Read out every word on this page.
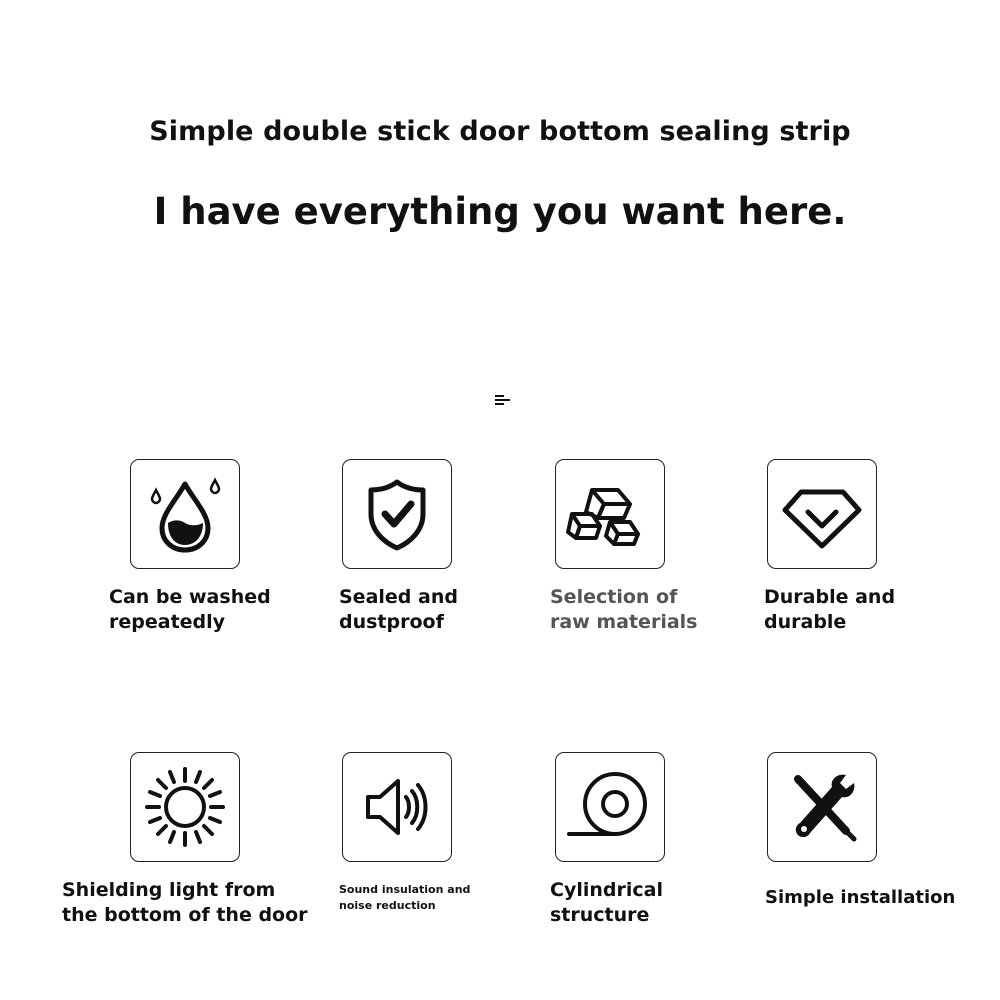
Simple double stick door bottom sealing strip
I have everything you want here.
Can be washed
repeatedly
Sealed and
dustproof
Selection of
raw materials
Durable and
durable
Shielding light from
the bottom of the door
Sound insulation and
noise reduction
Cylindrical
structure
Simple installation
